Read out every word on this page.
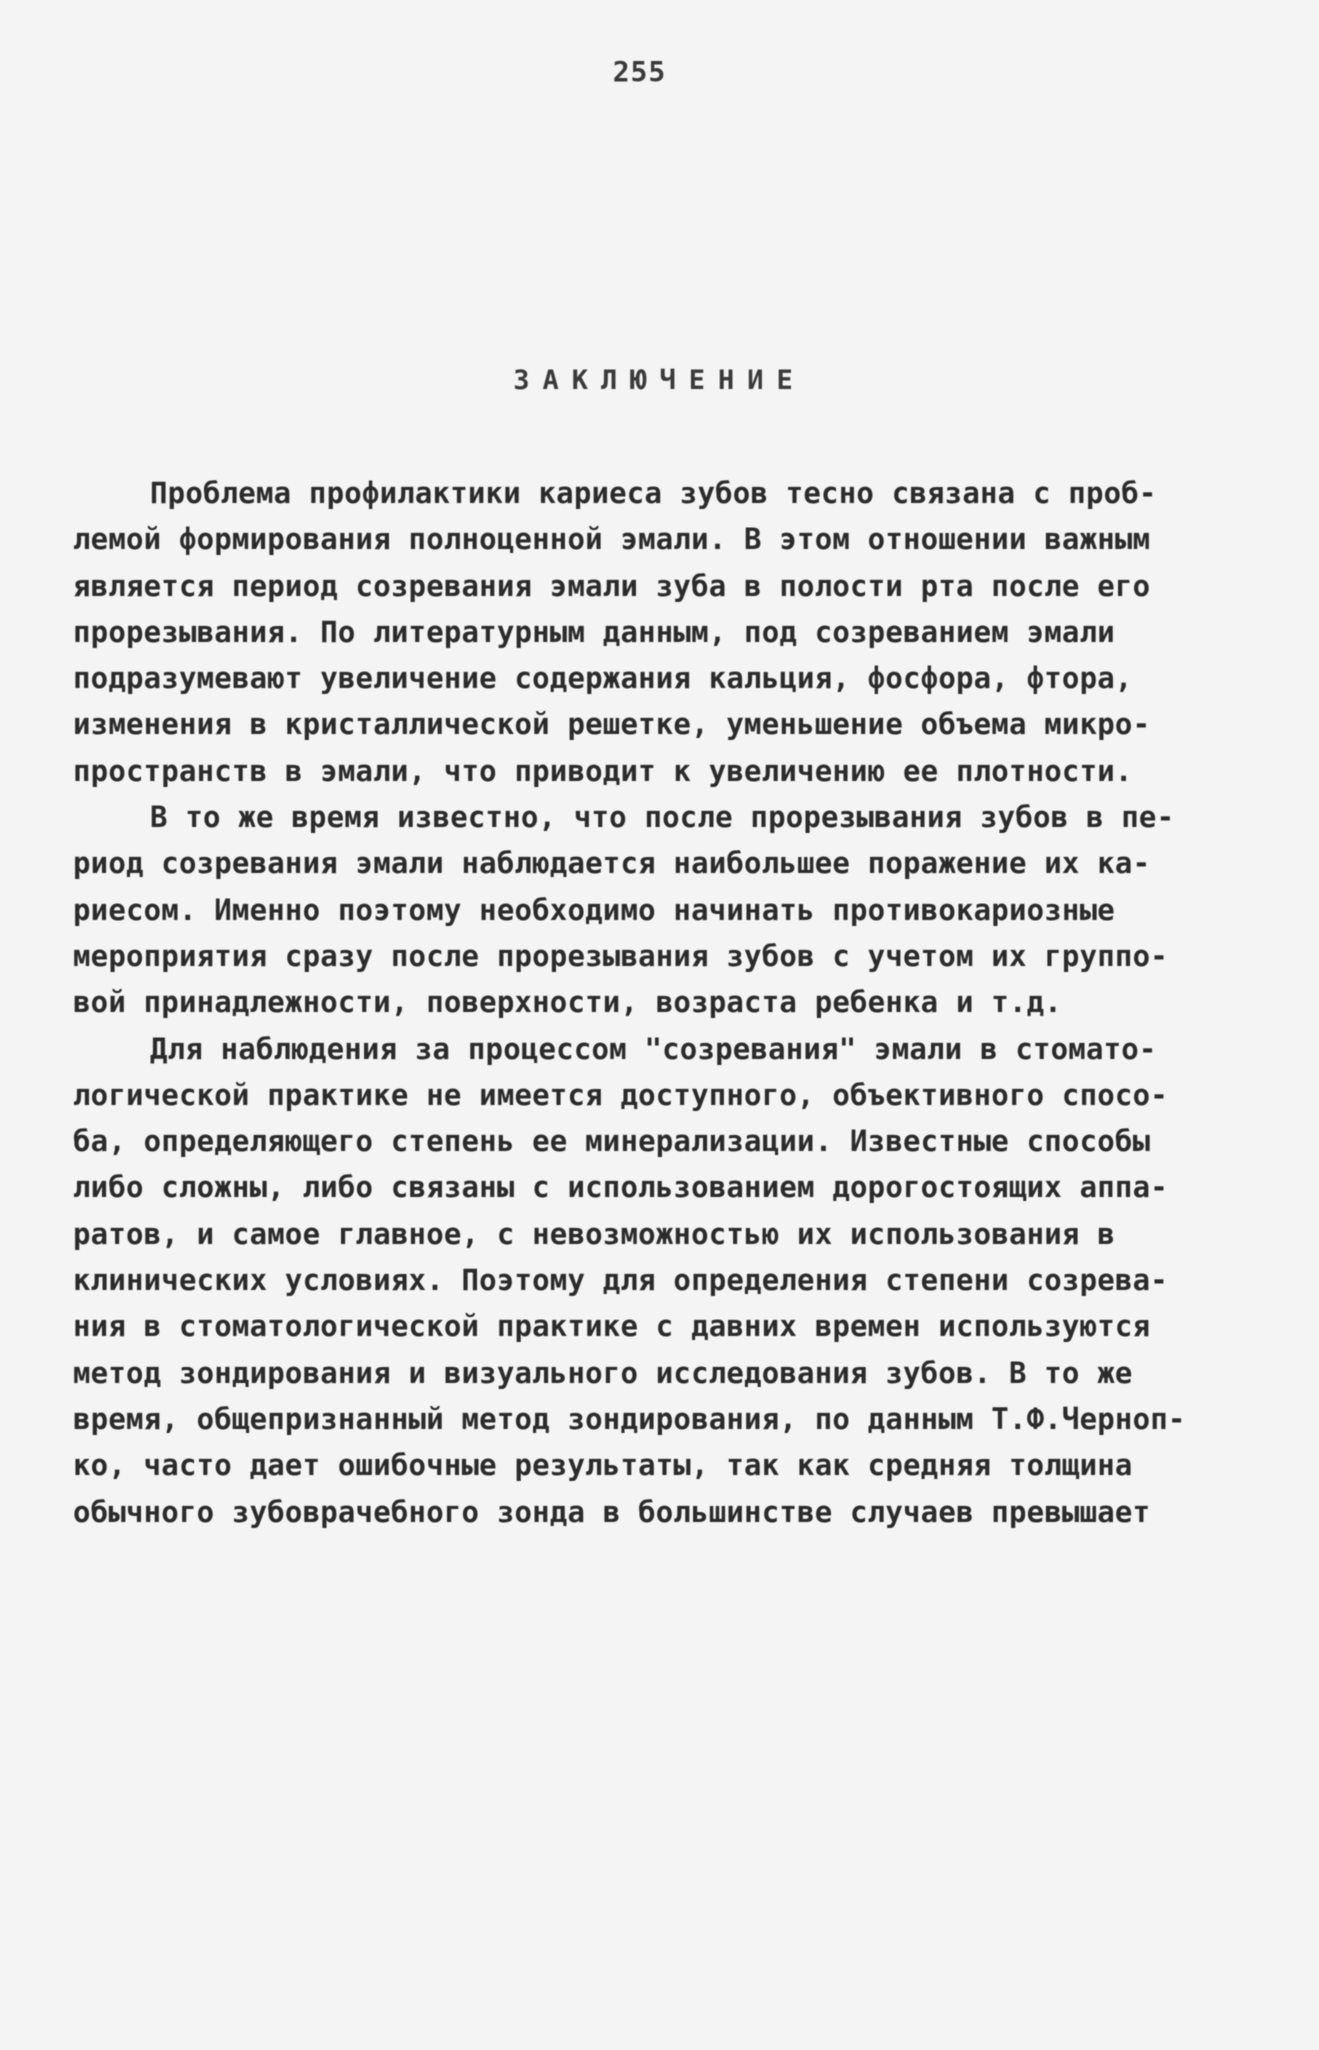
255
ЗАКЛЮЧЕНИЕ
Проблема профилактики кариеса зубов тесно связана с проб-
лемой формирования полноценной эмали. В этом отношении важным
является период созревания эмали зуба в полости рта после его
прорезывания. По литературным данным, под созреванием эмали
подразумевают увеличение содержания кальция, фосфора, фтора,
изменения в кристаллической решетке, уменьшение объема микро-
пространств в эмали, что приводит к увеличению ее плотности.
В то же время известно, что после прорезывания зубов в пе-
риод созревания эмали наблюдается наибольшее поражение их ка-
риесом. Именно поэтому необходимо начинать противокариозные
мероприятия сразу после прорезывания зубов с учетом их группо-
вой принадлежности, поверхности, возраста ребенка и т.д.
Для наблюдения за процессом "созревания" эмали в стомато-
логической практике не имеется доступного, объективного спосо-
ба, определяющего степень ее минерализации. Известные способы
либо сложны, либо связаны с использованием дорогостоящих аппа-
ратов, и самое главное, с невозможностью их использования в
клинических условиях. Поэтому для определения степени созрева-
ния в стоматологической практике с давних времен используются
метод зондирования и визуального исследования зубов. В то же
время, общепризнанный метод зондирования, по данным Т.Ф.Черноп-
ко, часто дает ошибочные результаты, так как средняя толщина
обычного зубоврачебного зонда в большинстве случаев превышает
